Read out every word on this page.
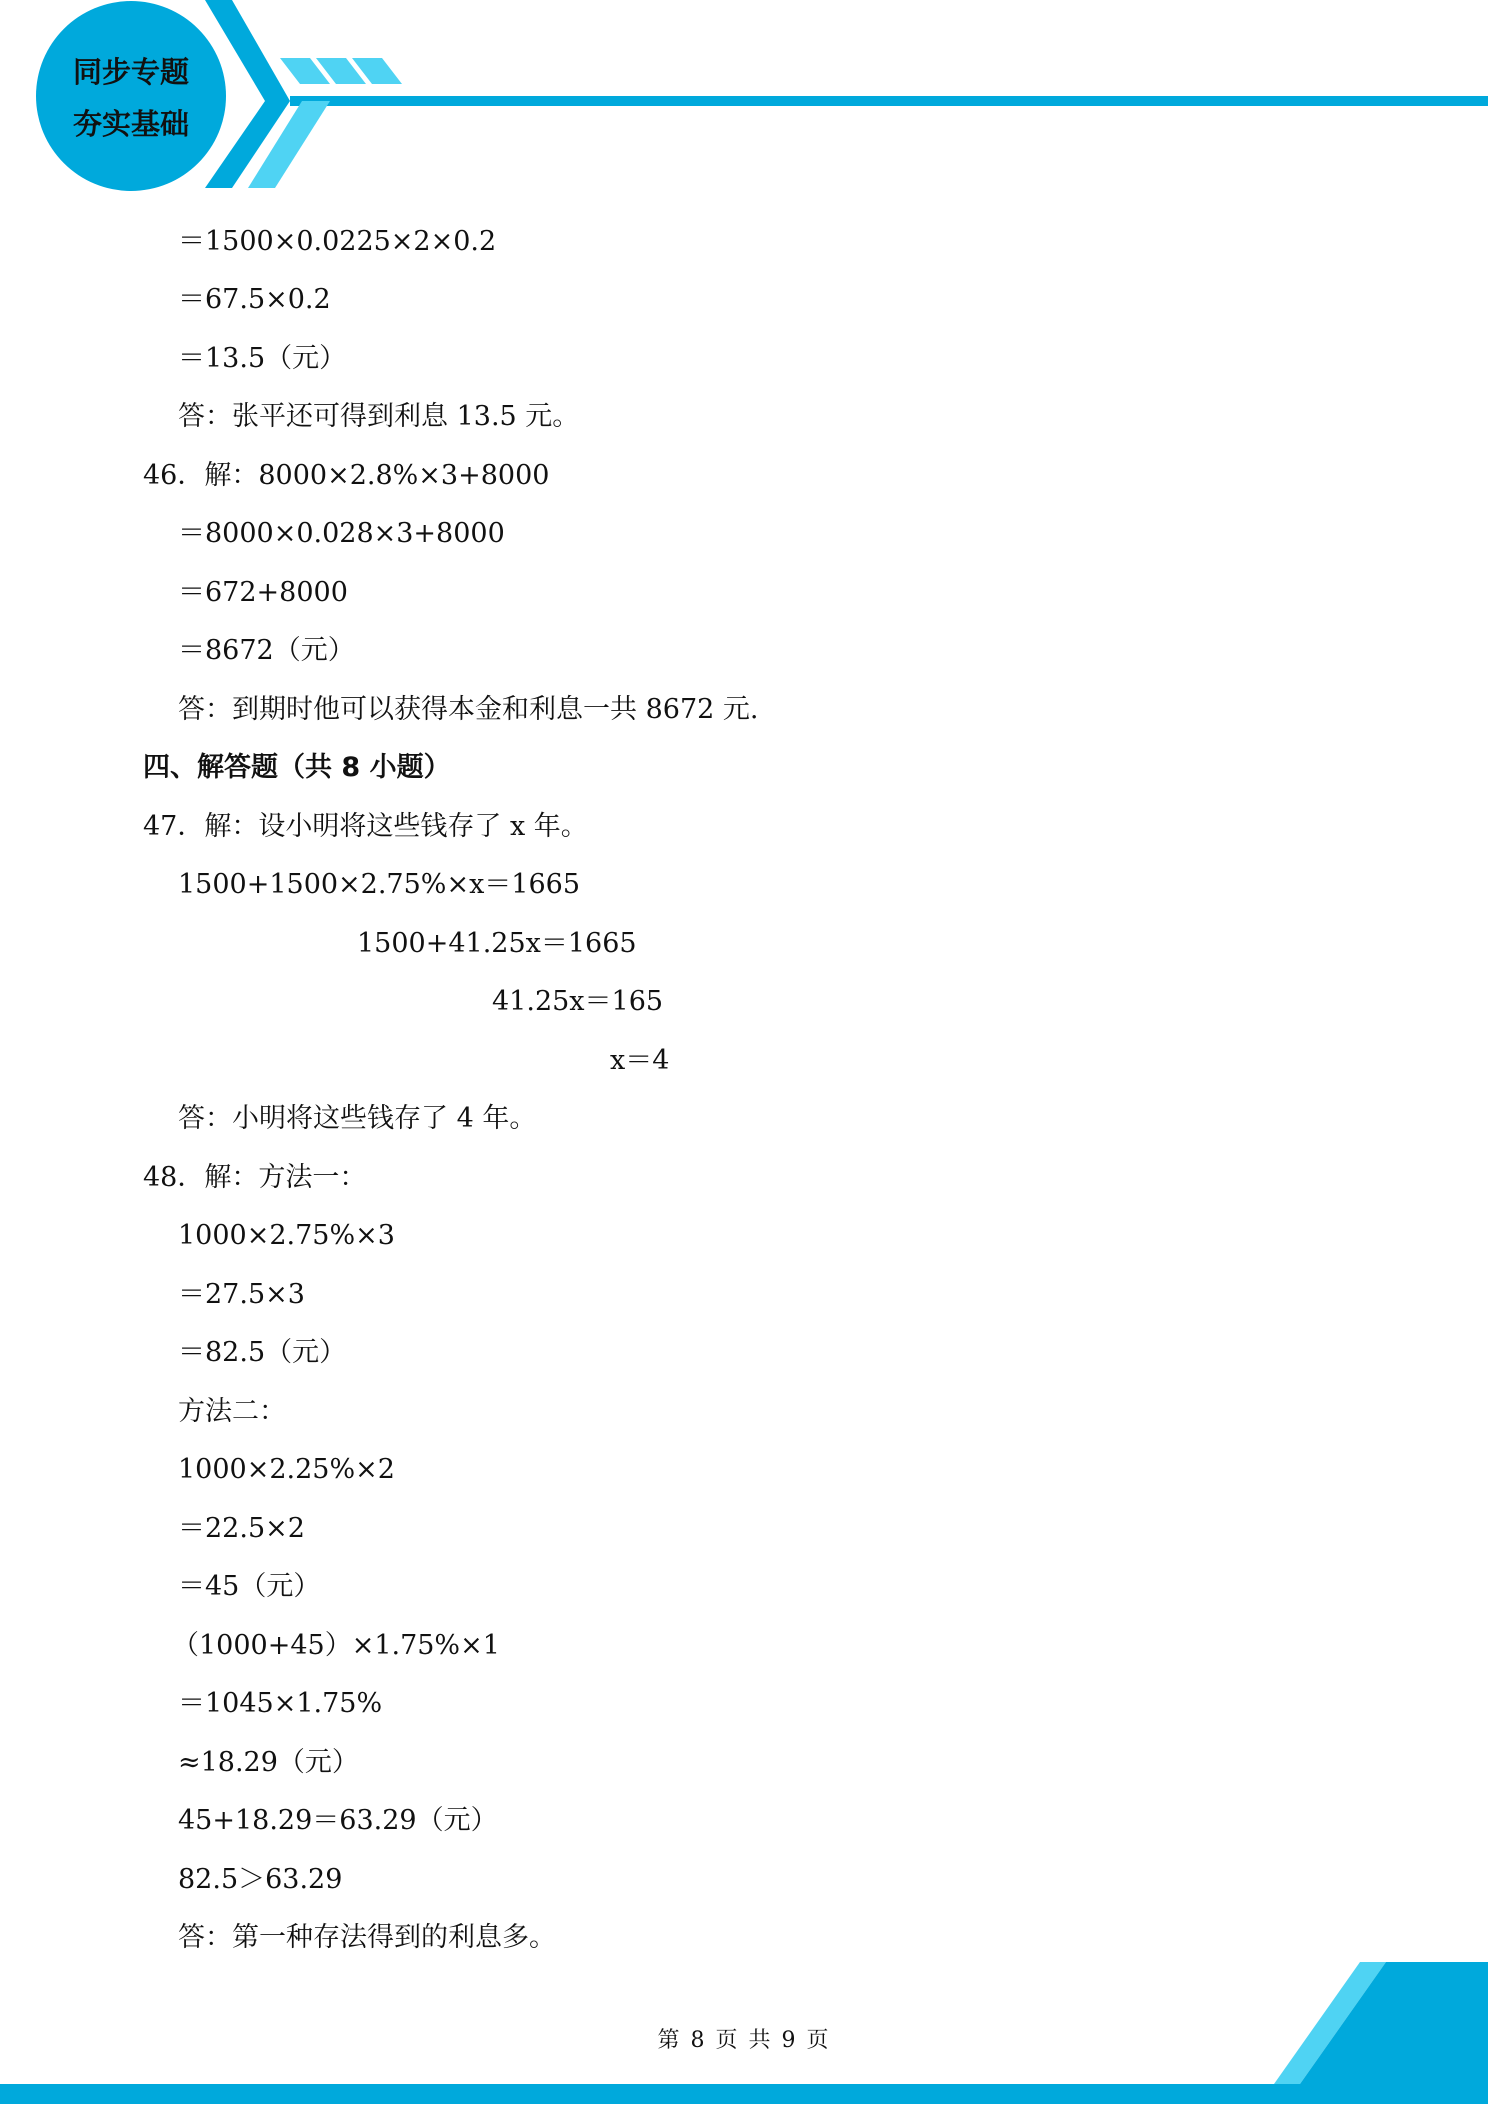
同步专题
夯实基础
＝1500×0.0225×2×0.2
＝67.5×0.2
＝13.5（元）
答：张平还可得到利息 13.5 元。
46．解：8000×2.8%×3+8000
＝8000×0.028×3+8000
＝672+8000
＝8672（元）
答：到期时他可以获得本金和利息一共 8672 元.
四、解答题（共 8 小题）
47．解：设小明将这些钱存了 x 年。
1500+1500×2.75%×x＝1665
1500+41.25x＝1665
41.25x＝165
x＝4
答：小明将这些钱存了 4 年。
48．解：方法一：
1000×2.75%×3
＝27.5×3
＝82.5（元）
方法二：
1000×2.25%×2
＝22.5×2
＝45（元）
（1000+45）×1.75%×1
＝1045×1.75%
≈18.29（元）
45+18.29＝63.29（元）
82.5＞63.29
答：第一种存法得到的利息多。
第 8 页 共 9 页
